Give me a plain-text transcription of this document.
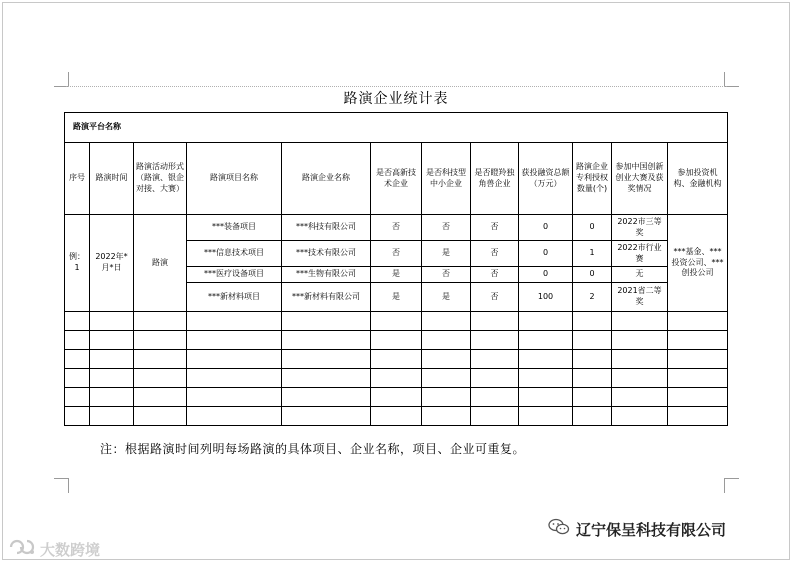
路演企业统计表											
路演平台名称											
序号	路演时间	路演活动形式（路演、银企对接、大赛）	路演项目名称	路演企业名称	是否高新技术企业	是否科技型中小企业	是否瞪羚独角兽企业	获投融资总额（万元）	路演企业专利授权数量(个)	参加中国创新创业大赛及获奖情况	参加投资机构、金融机构
例：1	2022年*月*日	路演	***装备项目	***科技有限公司	否	否	否	0	0	2022市三等奖	***基金、***投资公司、***创投公司
			***信息技术项目	***技术有限公司	否	是	否	0	1	2022市行业赛	
			***医疗设备项目	***生物有限公司	是	否	否	0	0	无	
			***新材料项目	***新材料有限公司	是	是	否	100	2	2021省二等奖	

注：根据路演时间列明每场路演的具体项目、企业名称，项目、企业可重复。
辽宁保呈科技有限公司
大数跨境
